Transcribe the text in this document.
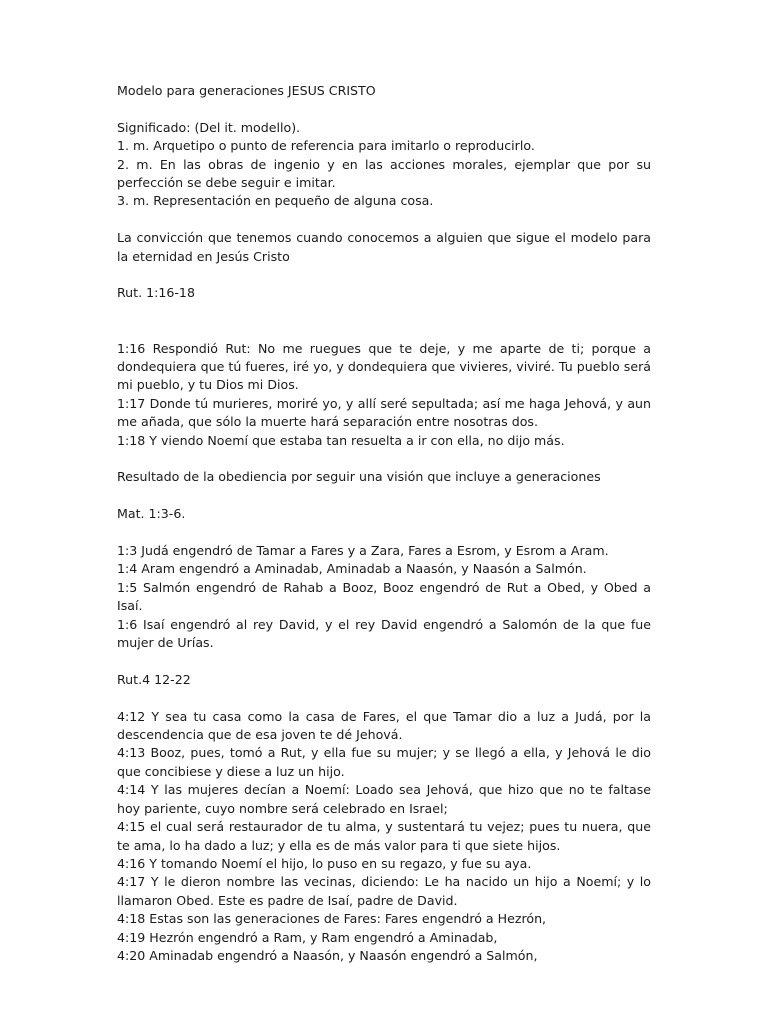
Modelo para generaciones JESUS CRISTO

Significado: (Del it. modello).
1. m. Arquetipo o punto de referencia para imitarlo o reproducirlo.
2. m. En las obras de ingenio y en las acciones morales, ejemplar que por su perfección se debe seguir e imitar.
3. m. Representación en pequeño de alguna cosa.

La convicción que tenemos cuando conocemos a alguien que sigue el modelo para la eternidad en Jesús Cristo

Rut. 1:16-18

1:16 Respondió Rut: No me ruegues que te deje, y me aparte de ti; porque a dondequiera que tú fueres, iré yo, y dondequiera que vivieres, viviré. Tu pueblo será mi pueblo, y tu Dios mi Dios.
1:17 Donde tú murieres, moriré yo, y allí seré sepultada; así me haga Jehová, y aun me añada, que sólo la muerte hará separación entre nosotras dos.
1:18 Y viendo Noemí que estaba tan resuelta a ir con ella, no dijo más.

Resultado de la obediencia por seguir una visión que incluye a generaciones

Mat. 1:3-6.

1:3 Judá engendró de Tamar a Fares y a Zara, Fares a Esrom, y Esrom a Aram.
1:4 Aram engendró a Aminadab, Aminadab a Naasón, y Naasón a Salmón.
1:5 Salmón engendró de Rahab a Booz, Booz engendró de Rut a Obed, y Obed a Isaí.
1:6 Isaí engendró al rey David, y el rey David engendró a Salomón de la que fue mujer de Urías.

Rut.4 12-22

4:12 Y sea tu casa como la casa de Fares, el que Tamar dio a luz a Judá, por la descendencia que de esa joven te dé Jehová.
4:13 Booz, pues, tomó a Rut, y ella fue su mujer; y se llegó a ella, y Jehová le dio que concibiese y diese a luz un hijo.
4:14 Y las mujeres decían a Noemí: Loado sea Jehová, que hizo que no te faltase hoy pariente, cuyo nombre será celebrado en Israel;
4:15 el cual será restaurador de tu alma, y sustentará tu vejez; pues tu nuera, que te ama, lo ha dado a luz; y ella es de más valor para ti que siete hijos.
4:16 Y tomando Noemí el hijo, lo puso en su regazo, y fue su aya.
4:17 Y le dieron nombre las vecinas, diciendo: Le ha nacido un hijo a Noemí; y lo llamaron Obed. Este es padre de Isaí, padre de David.
4:18 Estas son las generaciones de Fares: Fares engendró a Hezrón,
4:19 Hezrón engendró a Ram, y Ram engendró a Aminadab,
4:20 Aminadab engendró a Naasón, y Naasón engendró a Salmón,
